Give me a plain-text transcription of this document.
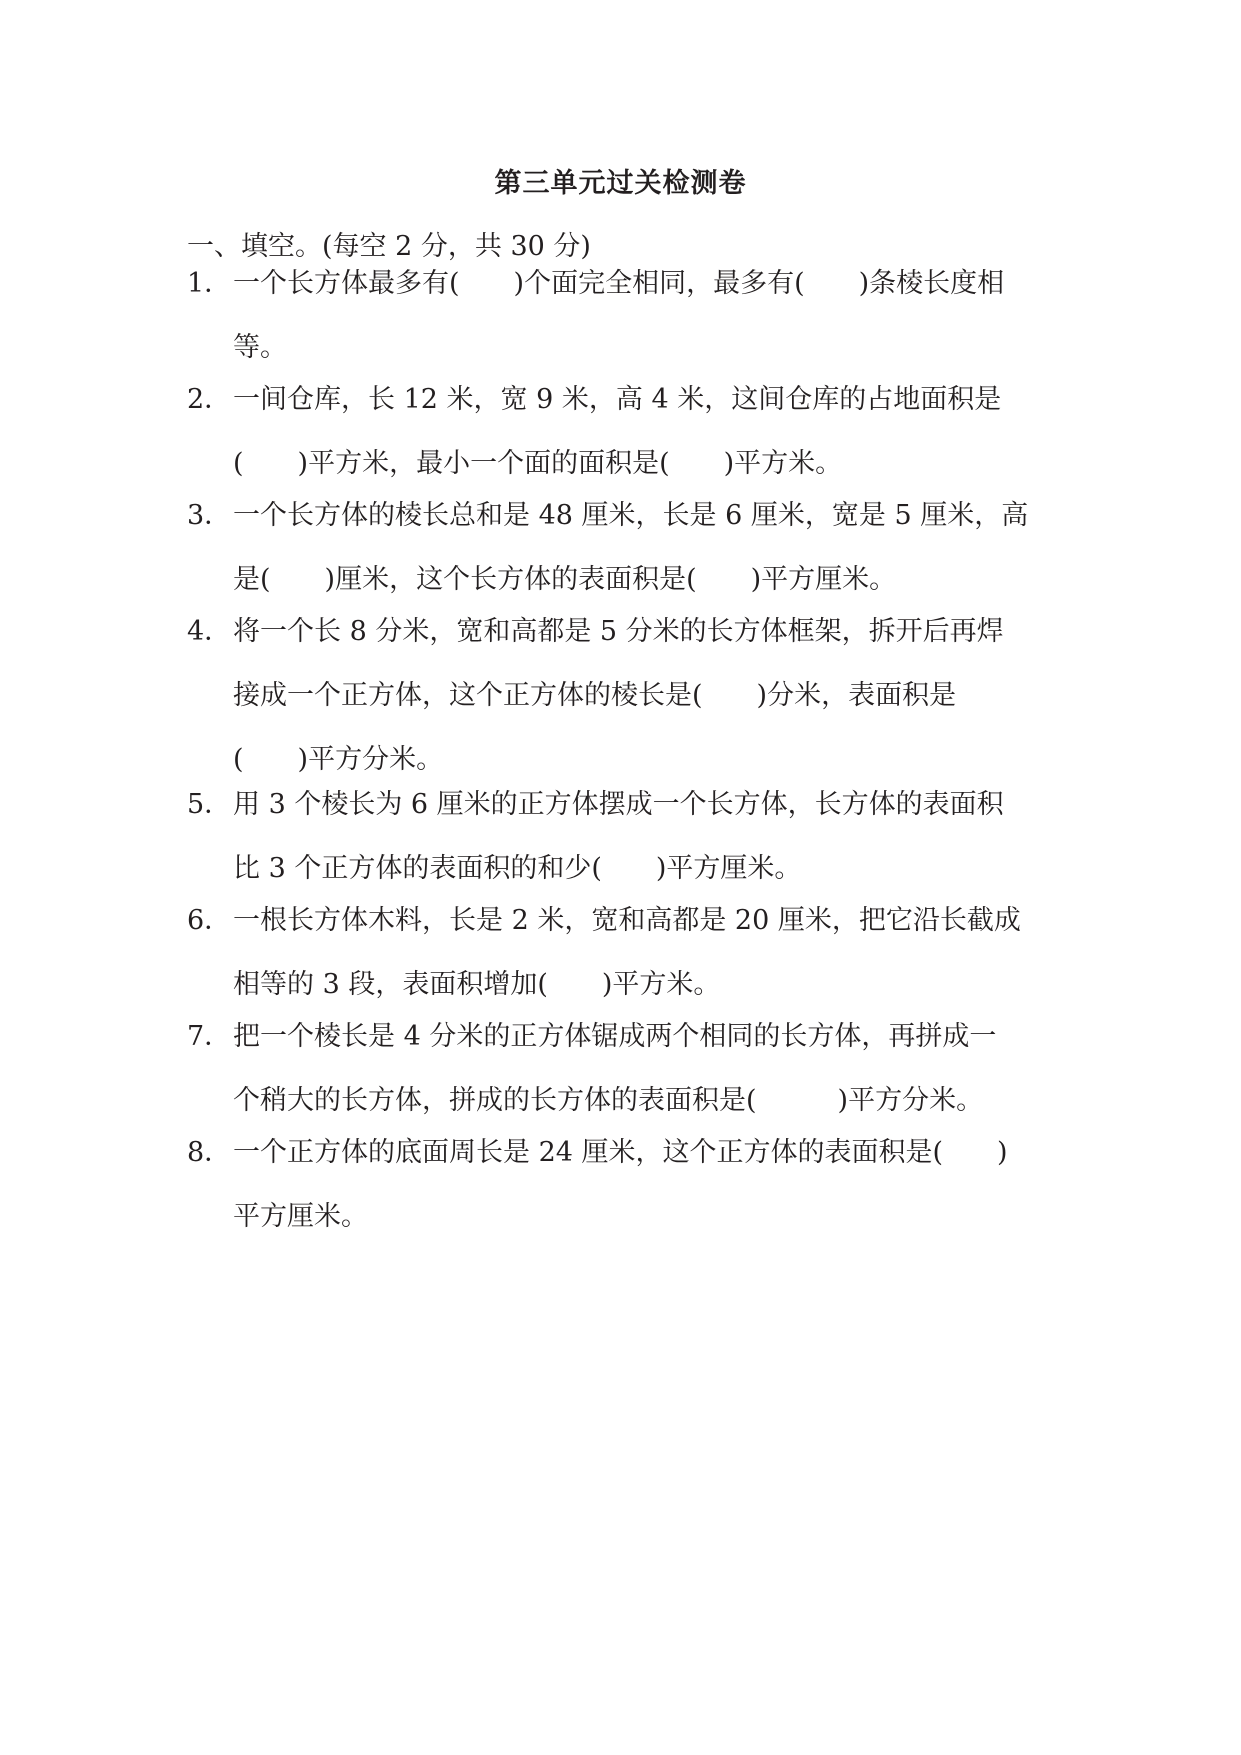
第三单元过关检测卷
一、填空。(每空 2 分，共 30 分)
1． 一个长方体最多有(　　)个面完全相同，最多有(　　)条棱长度相
等。
2． 一间仓库，长 12 米，宽 9 米，高 4 米，这间仓库的占地面积是
(　　)平方米，最小一个面的面积是(　　)平方米。
3． 一个长方体的棱长总和是 48 厘米，长是 6 厘米，宽是 5 厘米，高
是(　　)厘米，这个长方体的表面积是(　　)平方厘米。
4． 将一个长 8 分米，宽和高都是 5 分米的长方体框架，拆开后再焊
接成一个正方体，这个正方体的棱长是(　　)分米，表面积是
(　　)平方分米。
5． 用 3 个棱长为 6 厘米的正方体摆成一个长方体，长方体的表面积
比 3 个正方体的表面积的和少(　　)平方厘米。
6． 一根长方体木料，长是 2 米，宽和高都是 20 厘米，把它沿长截成
相等的 3 段，表面积增加(　　)平方米。
7． 把一个棱长是 4 分米的正方体锯成两个相同的长方体，再拼成一
个稍大的长方体，拼成的长方体的表面积是(　　　)平方分米。
8． 一个正方体的底面周长是 24 厘米，这个正方体的表面积是(　　)
平方厘米。
